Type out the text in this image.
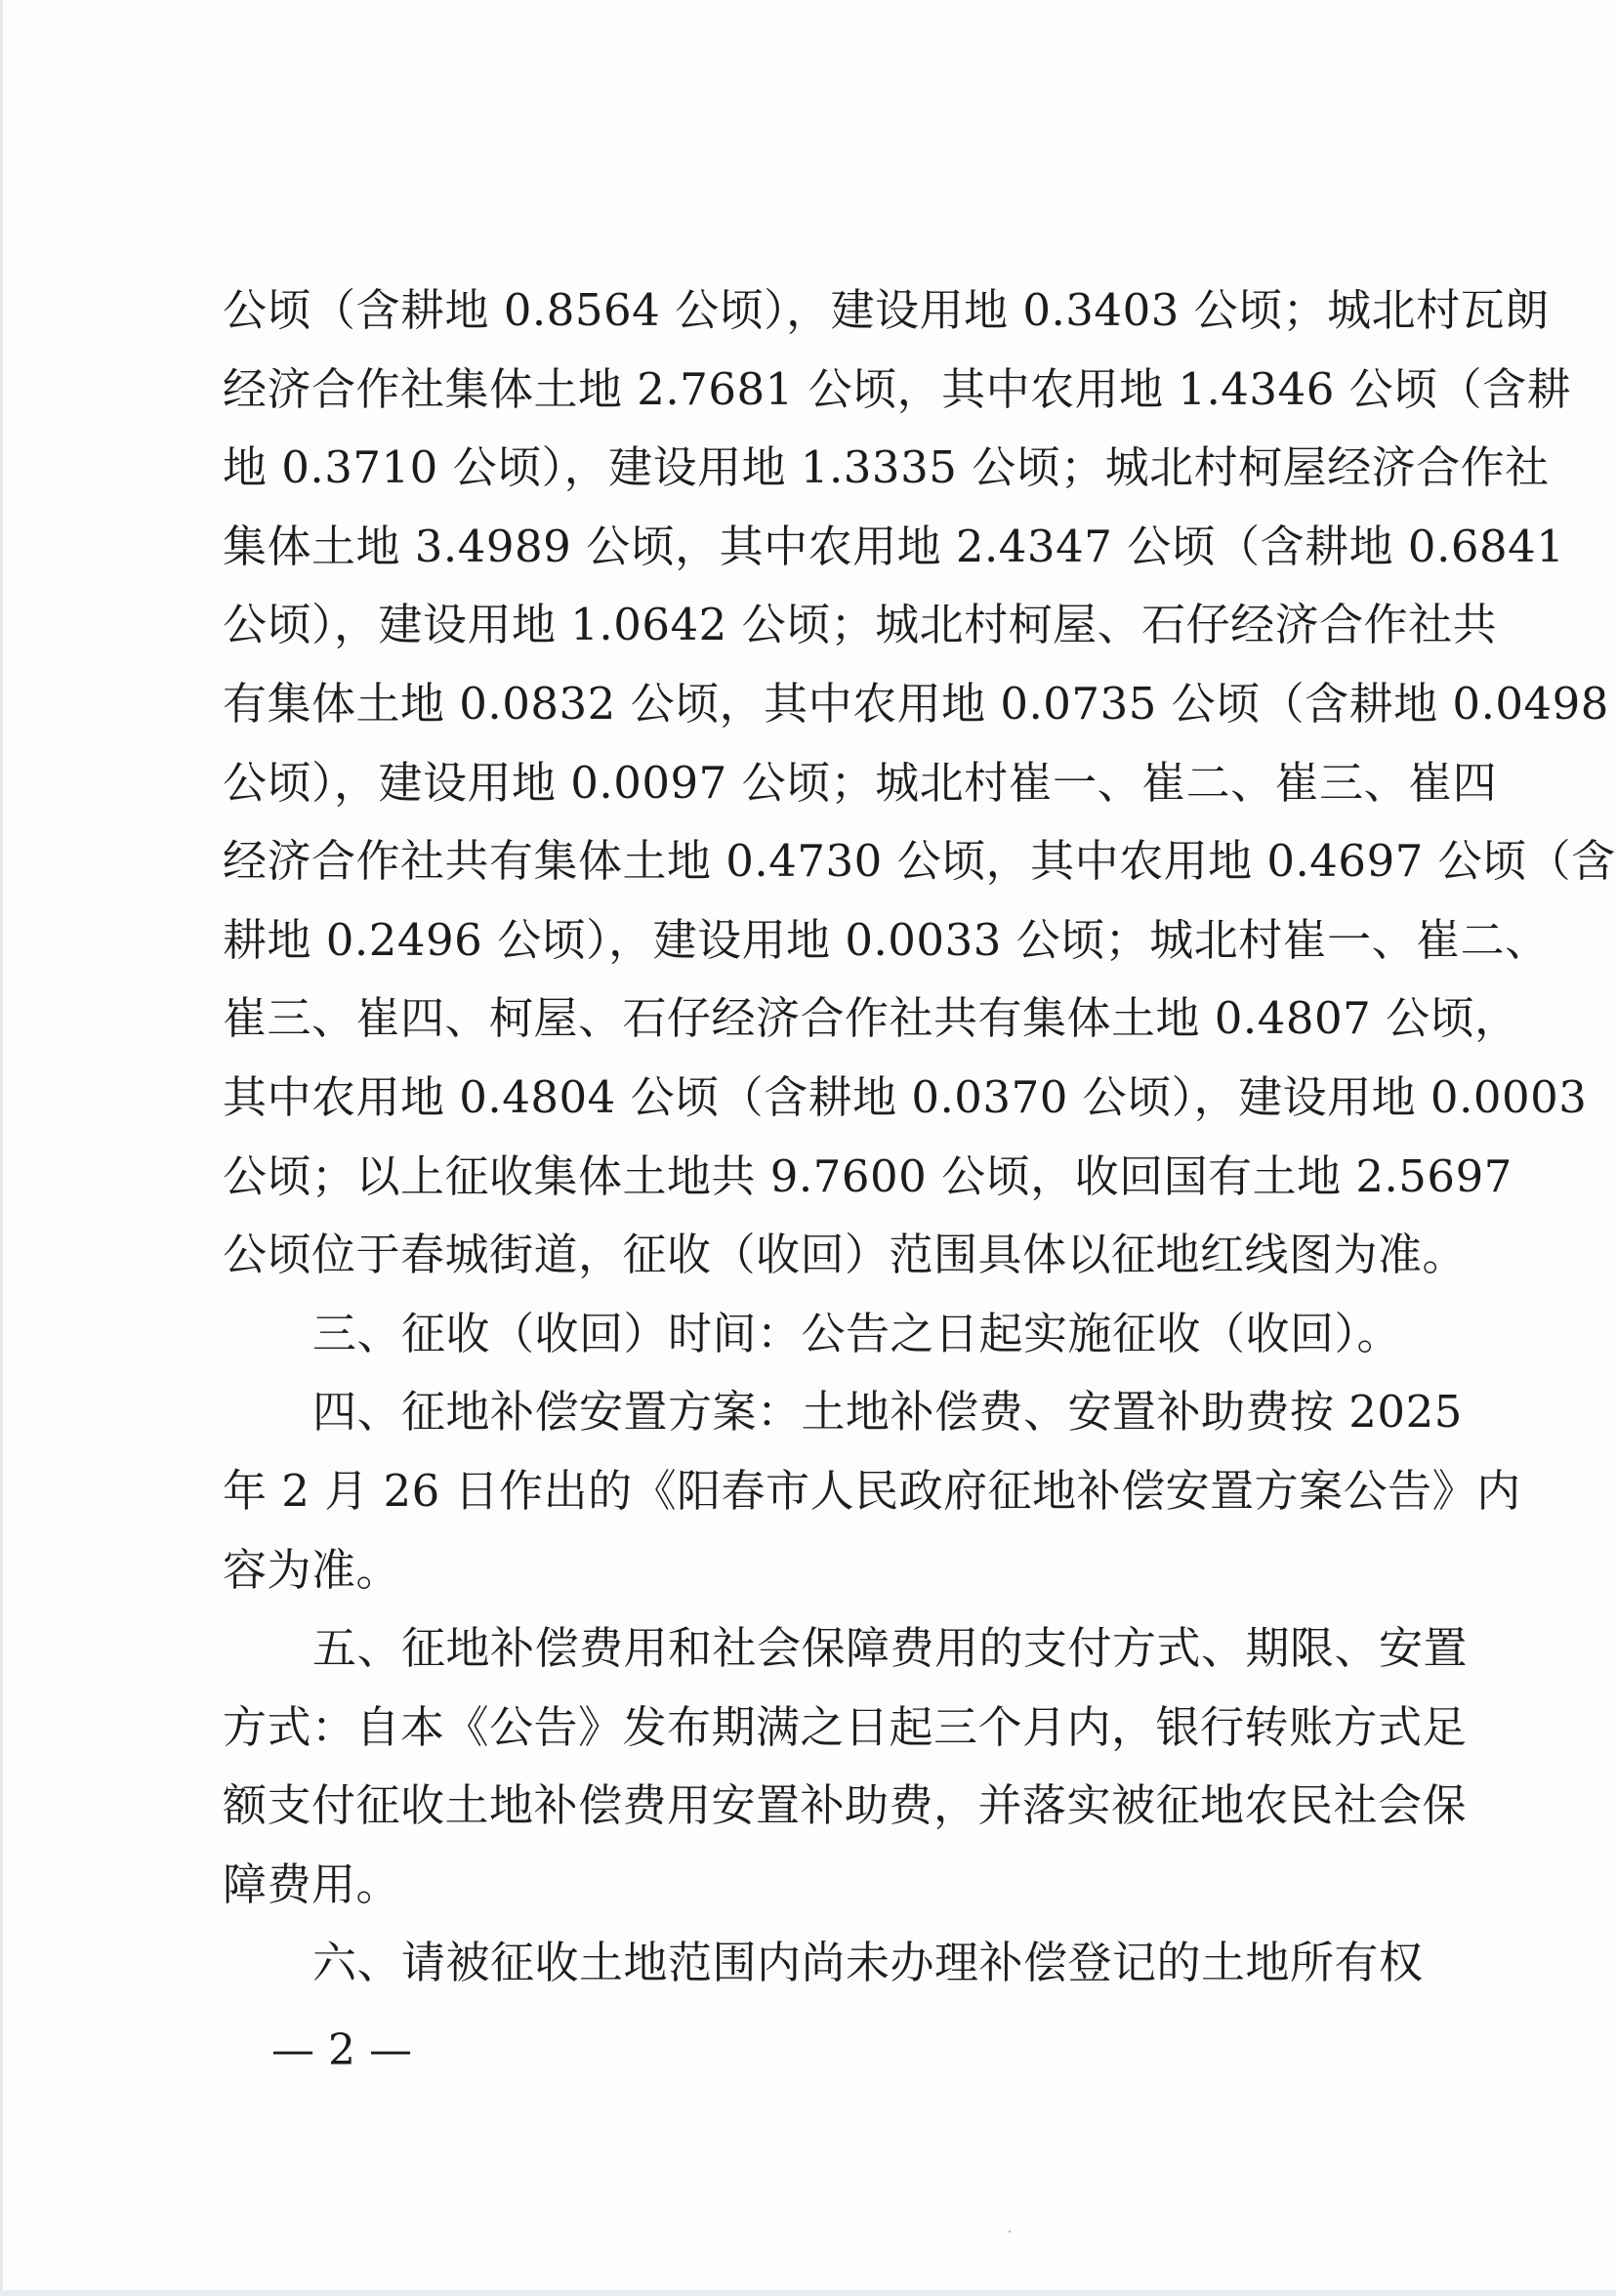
公顷（含耕地 0.8564 公顷），建设用地 0.3403 公顷；城北村瓦朗
经济合作社集体土地 2.7681 公顷，其中农用地 1.4346 公顷（含耕
地 0.3710 公顷），建设用地 1.3335 公顷；城北村柯屋经济合作社
集体土地 3.4989 公顷，其中农用地 2.4347 公顷（含耕地 0.6841
公顷），建设用地 1.0642 公顷；城北村柯屋、石仔经济合作社共
有集体土地 0.0832 公顷，其中农用地 0.0735 公顷（含耕地 0.0498
公顷），建设用地 0.0097 公顷；城北村崔一、崔二、崔三、崔四
经济合作社共有集体土地 0.4730 公顷，其中农用地 0.4697 公顷（含
耕地 0.2496 公顷），建设用地 0.0033 公顷；城北村崔一、崔二、
崔三、崔四、柯屋、石仔经济合作社共有集体土地 0.4807 公顷，
其中农用地 0.4804 公顷（含耕地 0.0370 公顷），建设用地 0.0003
公顷；以上征收集体土地共 9.7600 公顷，收回国有土地 2.5697
公顷位于春城街道，征收（收回）范围具体以征地红线图为准。
三、征收（收回）时间：公告之日起实施征收（收回）。
四、征地补偿安置方案：土地补偿费、安置补助费按 2025
年 2 月 26 日作出的《阳春市人民政府征地补偿安置方案公告》内
容为准。
五、征地补偿费用和社会保障费用的支付方式、期限、安置
方式：自本《公告》发布期满之日起三个月内，银行转账方式足
额支付征收土地补偿费用安置补助费，并落实被征地农民社会保
障费用。
六、请被征收土地范围内尚未办理补偿登记的土地所有权
— 2 —
